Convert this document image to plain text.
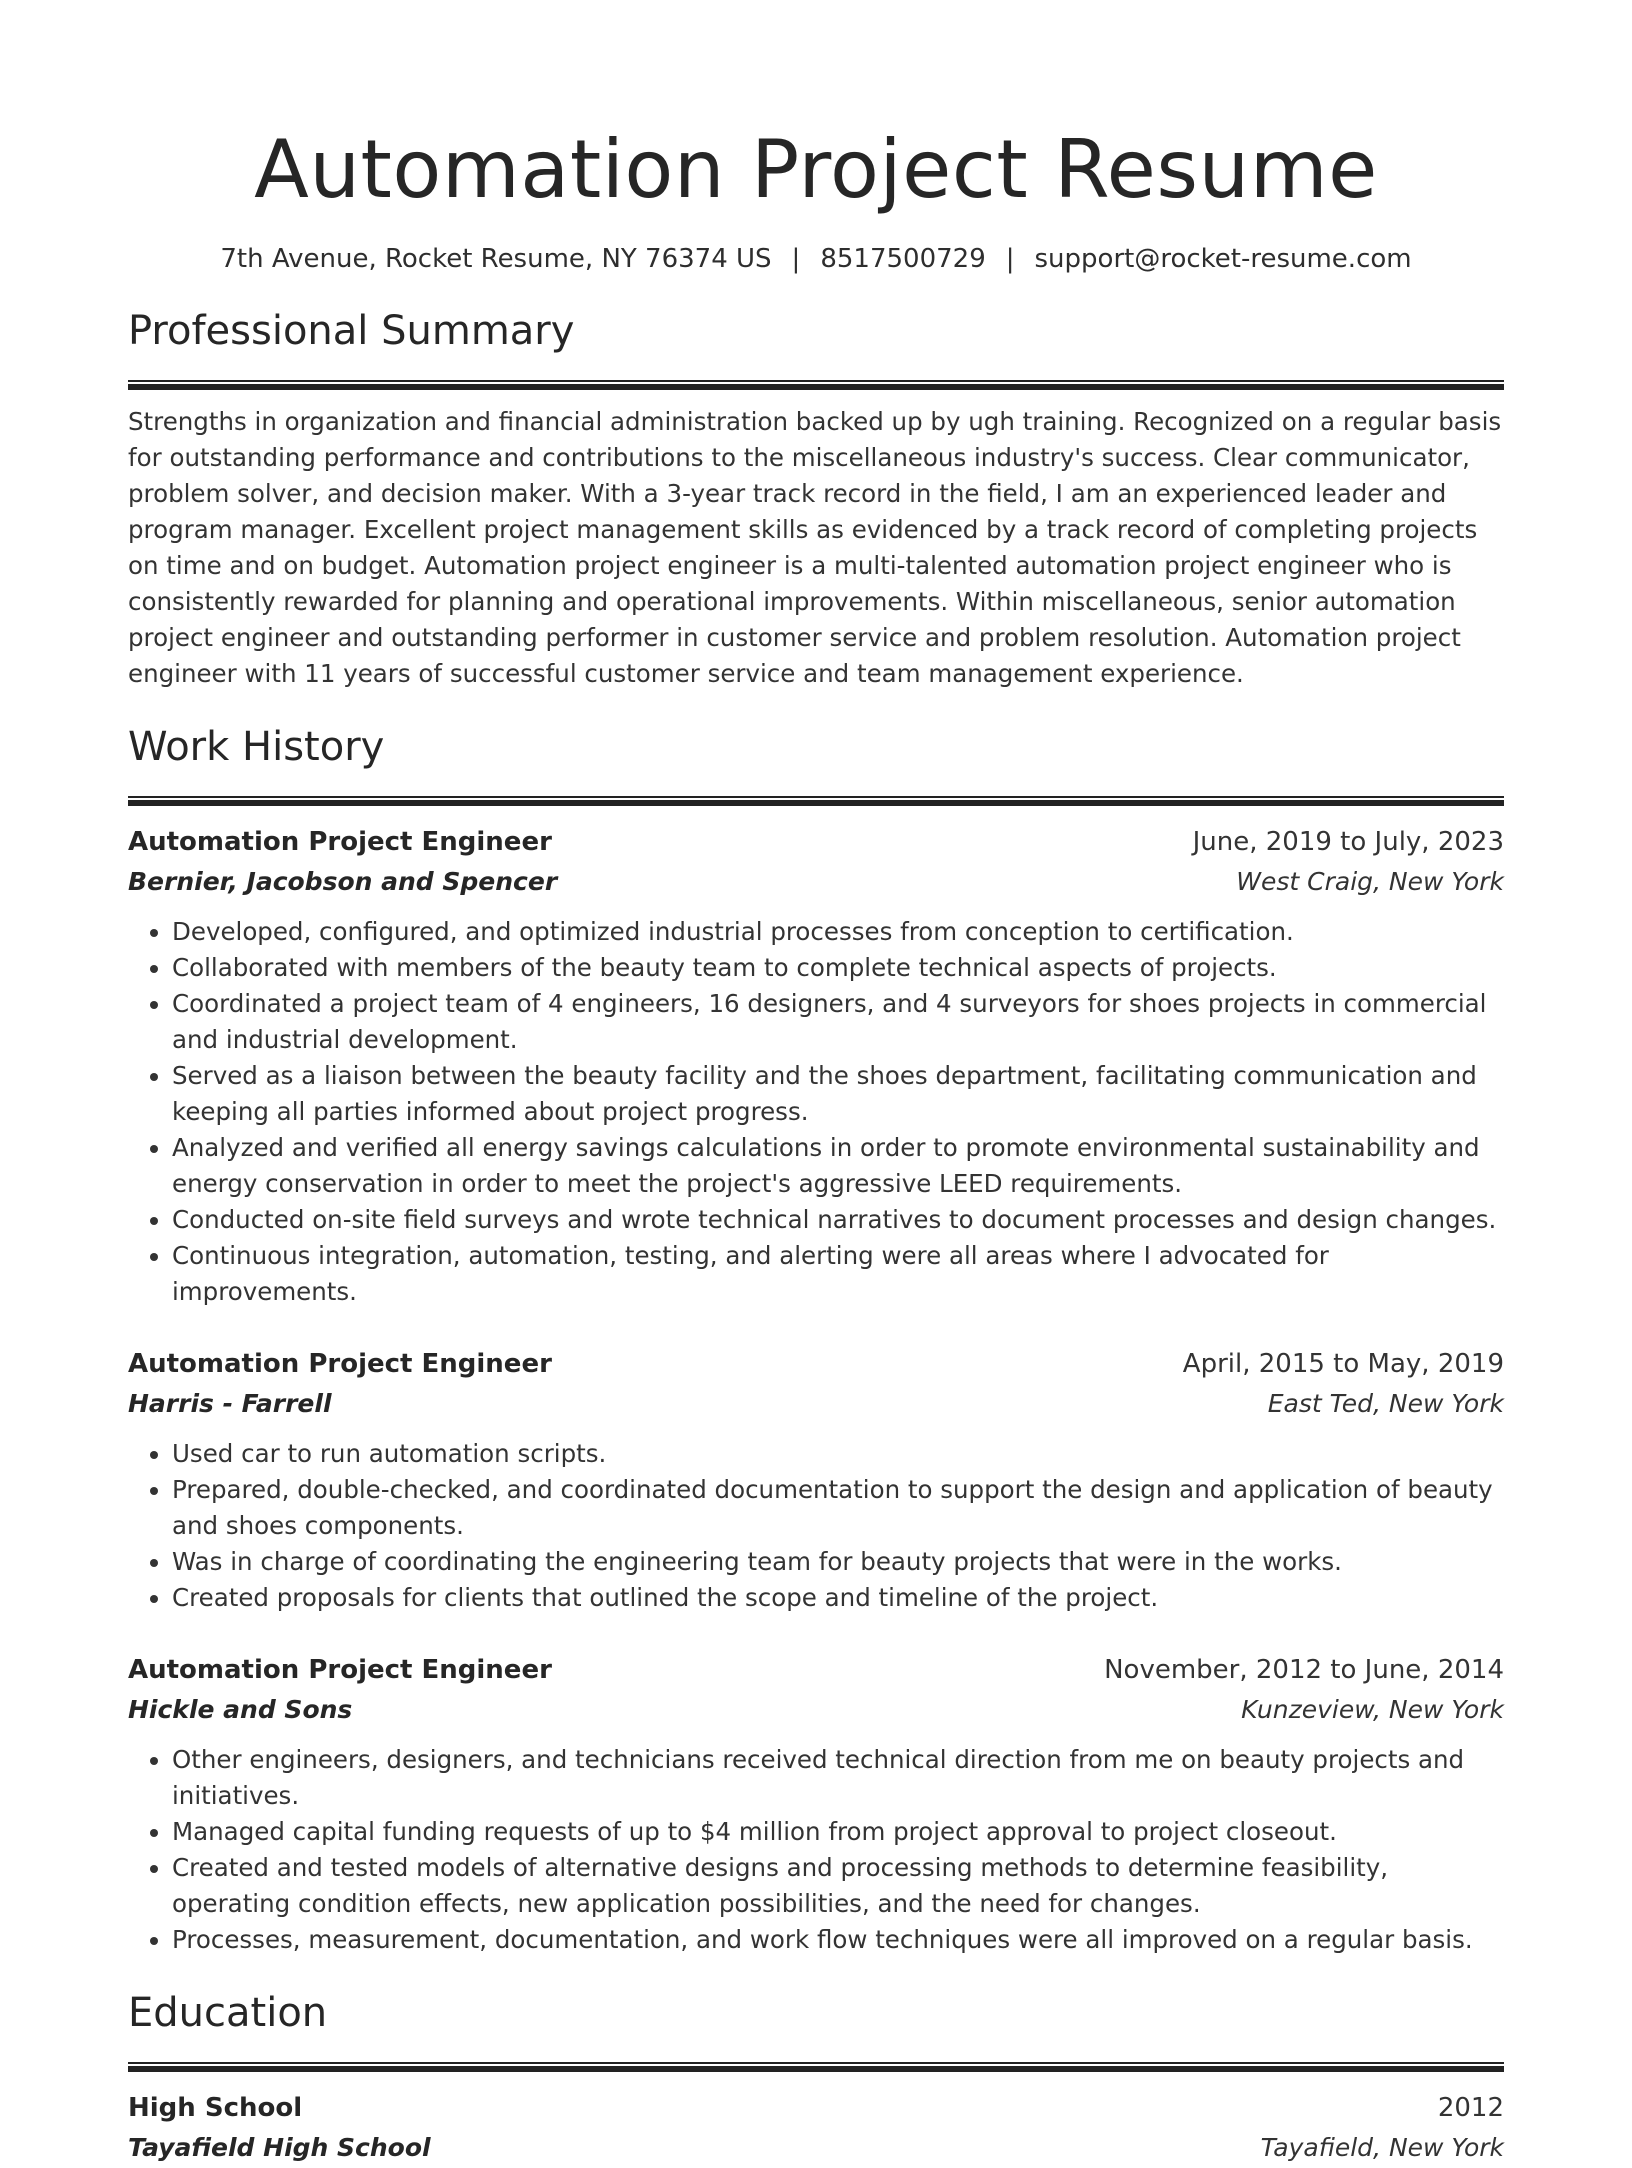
Automation Project Resume
7th Avenue, Rocket Resume, NY 76374 US | 8517500729 | support@rocket-resume.com
Professional Summary

Strengths in organization and financial administration backed up by ugh training. Recognized on a regular basis for outstanding performance and contributions to the miscellaneous industry's success. Clear communicator, problem solver, and decision maker. With a 3-year track record in the field, I am an experienced leader and program manager. Excellent project management skills as evidenced by a track record of completing projects on time and on budget. Automation project engineer is a multi-talented automation project engineer who is consistently rewarded for planning and operational improvements. Within miscellaneous, senior automation project engineer and outstanding performer in customer service and problem resolution. Automation project engineer with 11 years of successful customer service and team management experience.

Work History
Automation Project Engineer	June, 2019 to July, 2023
Bernier, Jacobson and Spencer	West Craig, New York
• Developed, configured, and optimized industrial processes from conception to certification.
• Collaborated with members of the beauty team to complete technical aspects of projects.
• Coordinated a project team of 4 engineers, 16 designers, and 4 surveyors for shoes projects in commercial and industrial development.
• Served as a liaison between the beauty facility and the shoes department, facilitating communication and keeping all parties informed about project progress.
• Analyzed and verified all energy savings calculations in order to promote environmental sustainability and energy conservation in order to meet the project's aggressive LEED requirements.
• Conducted on-site field surveys and wrote technical narratives to document processes and design changes.
• Continuous integration, automation, testing, and alerting were all areas where I advocated for improvements.
Automation Project Engineer	April, 2015 to May, 2019
Harris - Farrell	East Ted, New York
• Used car to run automation scripts.
• Prepared, double-checked, and coordinated documentation to support the design and application of beauty and shoes components.
• Was in charge of coordinating the engineering team for beauty projects that were in the works.
• Created proposals for clients that outlined the scope and timeline of the project.
Automation Project Engineer	November, 2012 to June, 2014
Hickle and Sons	Kunzeview, New York
• Other engineers, designers, and technicians received technical direction from me on beauty projects and initiatives.
• Managed capital funding requests of up to $4 million from project approval to project closeout.
• Created and tested models of alternative designs and processing methods to determine feasibility, operating condition effects, new application possibilities, and the need for changes.
• Processes, measurement, documentation, and work flow techniques were all improved on a regular basis.
Education
High School	2012
Tayafield High School	Tayafield, New York
